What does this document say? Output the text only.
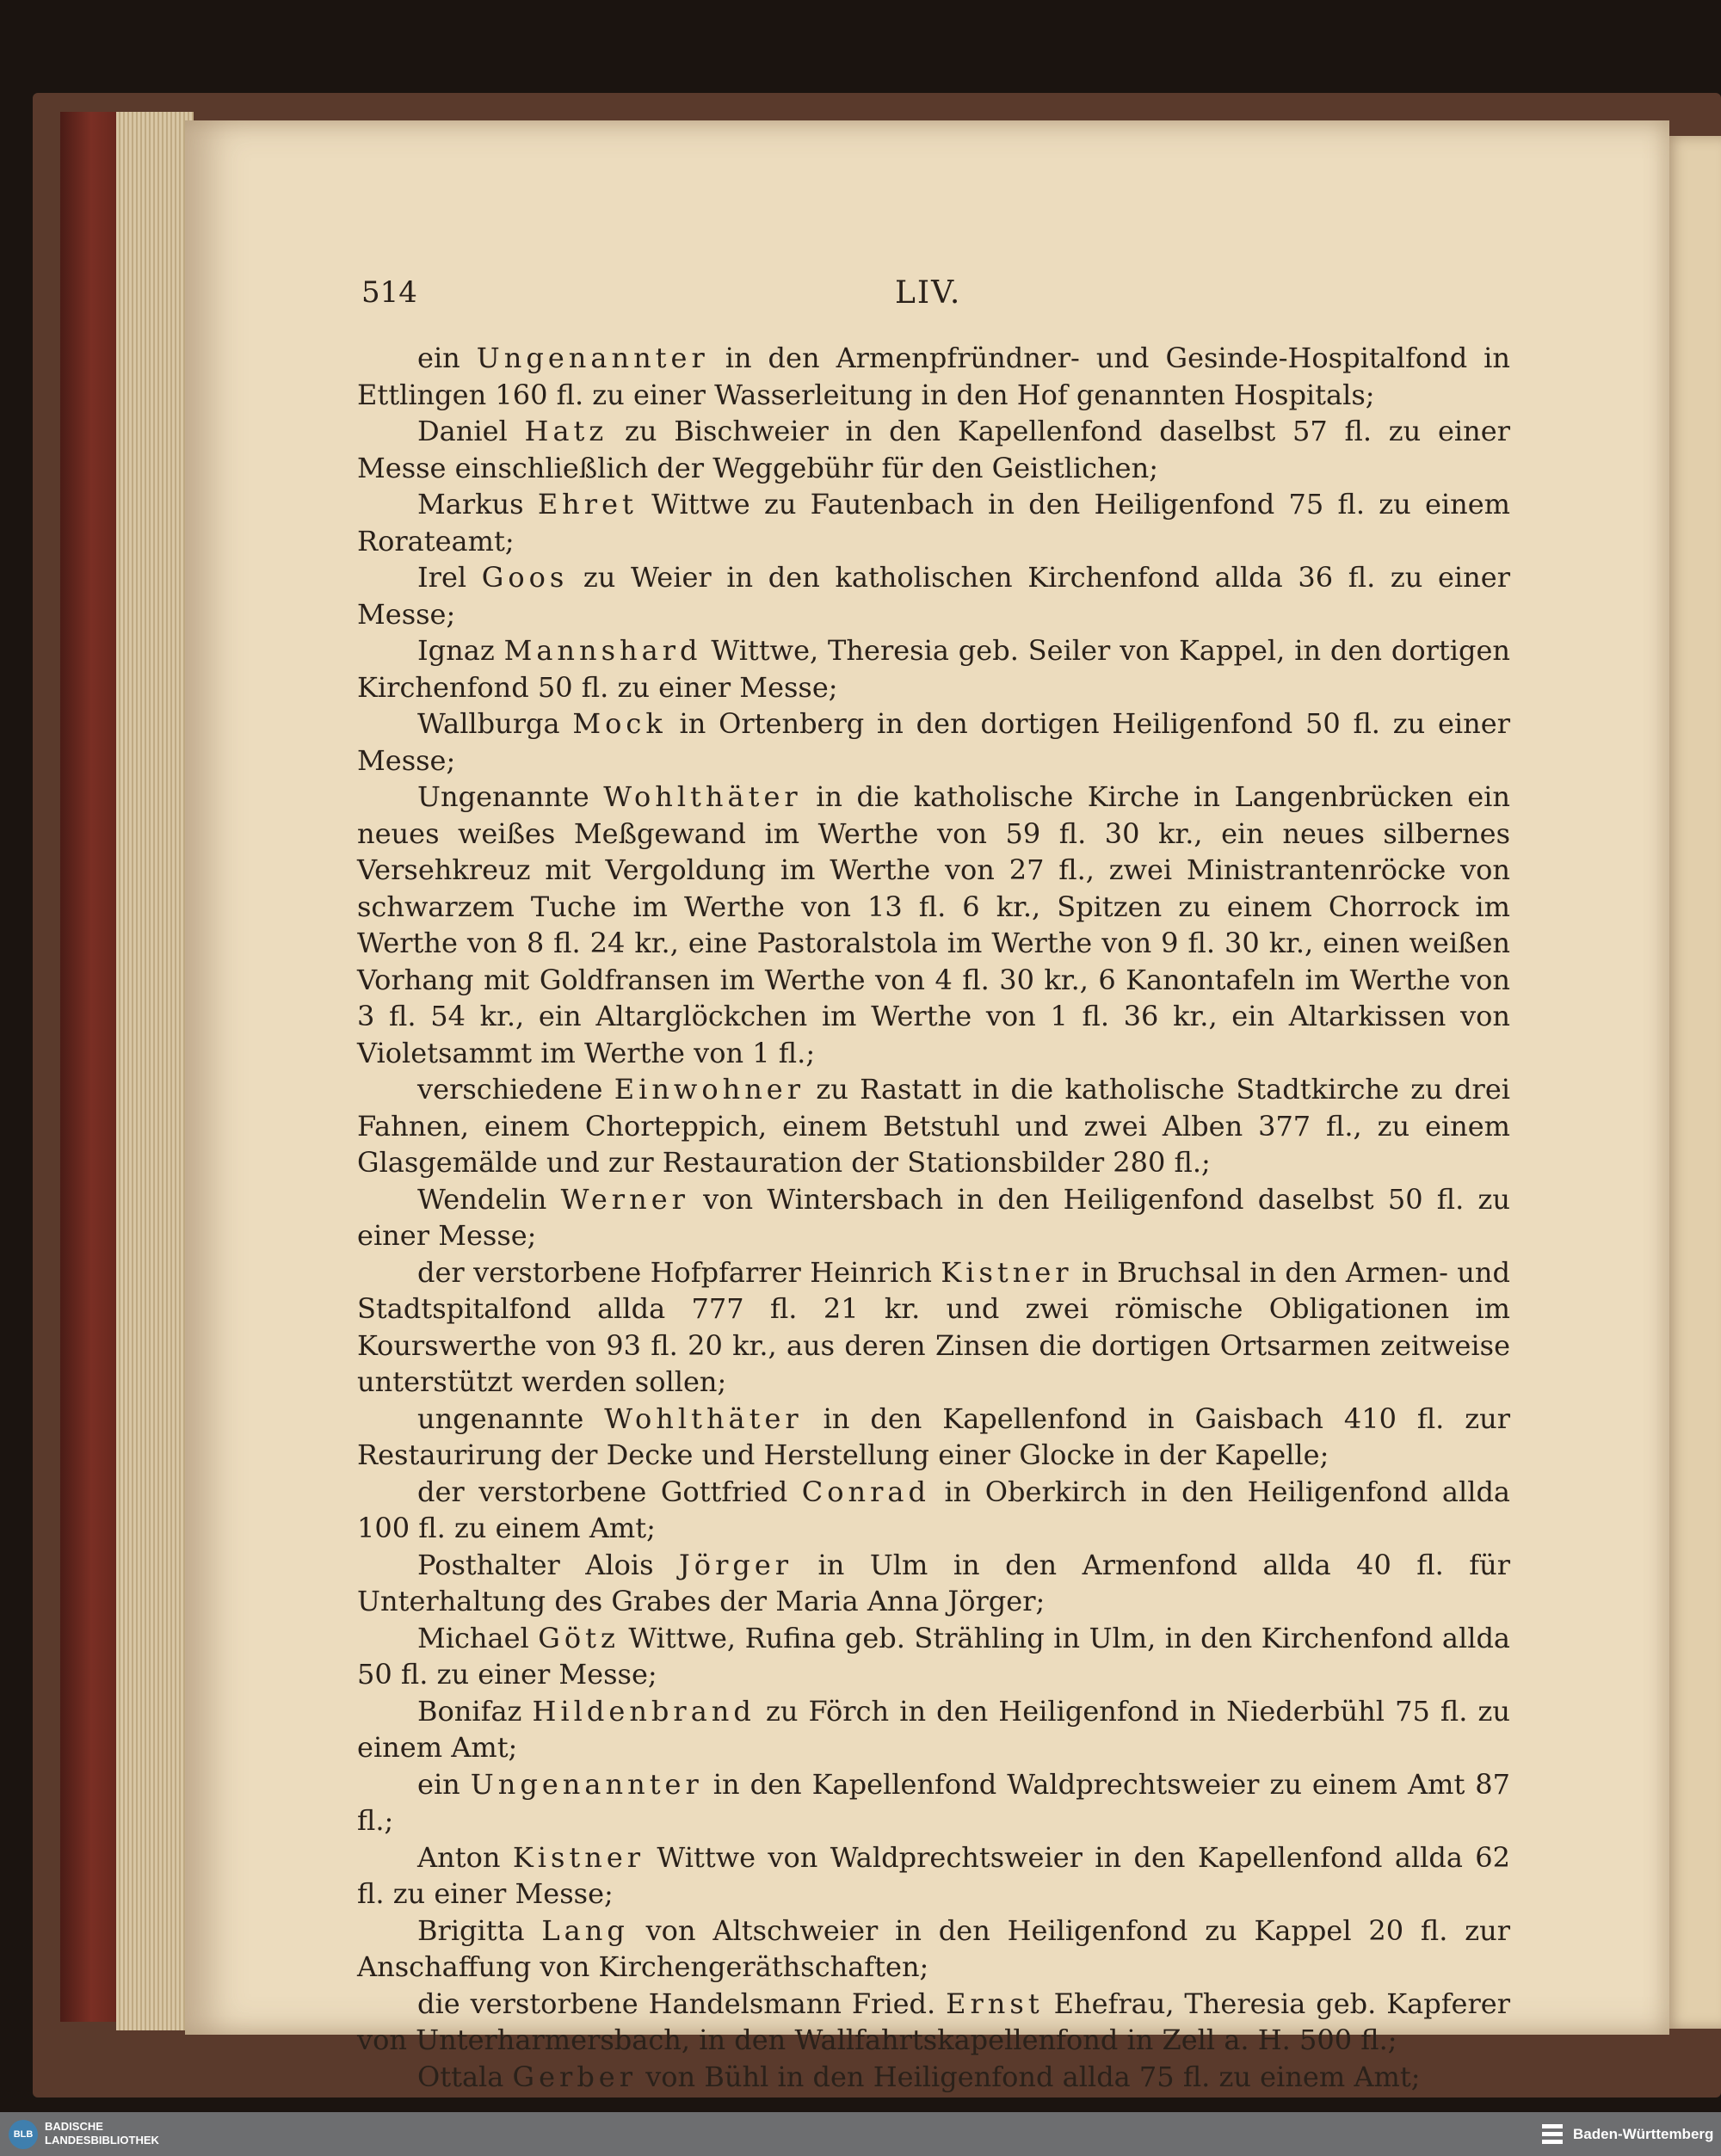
514	LIV.

ein Ungenannter in den Armenpfründner- und Gesinde-Hospitalfond in Ettlingen 160 fl. zu einer Wasserleitung in den Hof genannten Hospitals;

Daniel Hatz zu Bischweier in den Kapellenfond daselbst 57 fl. zu einer Messe einschließlich der Weggebühr für den Geistlichen;

Markus Ehret Wittwe zu Fautenbach in den Heiligenfond 75 fl. zu einem Rorateamt;

Irel Goos zu Weier in den katholischen Kirchenfond allda 36 fl. zu einer Messe;

Ignaz Mannshard Wittwe, Theresia geb. Seiler von Kappel, in den dortigen Kirchenfond 50 fl. zu einer Messe;

Wallburga Mock in Ortenberg in den dortigen Heiligenfond 50 fl. zu einer Messe;

Ungenannte Wohlthäter in die katholische Kirche in Langenbrücken ein neues weißes Meßgewand im Werthe von 59 fl. 30 kr., ein neues silbernes Versehkreuz mit Vergoldung im Werthe von 27 fl., zwei Ministrantenröcke von schwarzem Tuche im Werthe von 13 fl. 6 kr., Spitzen zu einem Chorrock im Werthe von 8 fl. 24 kr., eine Pastoralstola im Werthe von 9 fl. 30 kr., einen weißen Vorhang mit Goldfransen im Werthe von 4 fl. 30 kr., 6 Kanontafeln im Werthe von 3 fl. 54 kr., ein Altarglöckchen im Werthe von 1 fl. 36 kr., ein Altarkissen von Violetsammt im Werthe von 1 fl.;

verschiedene Einwohner zu Rastatt in die katholische Stadtkirche zu drei Fahnen, einem Chorteppich, einem Betstuhl und zwei Alben 377 fl., zu einem Glasgemälde und zur Restauration der Stationsbilder 280 fl.;

Wendelin Werner von Wintersbach in den Heiligenfond daselbst 50 fl. zu einer Messe;

der verstorbene Hofpfarrer Heinrich Kistner in Bruchsal in den Armen- und Stadtspitalfond allda 777 fl. 21 kr. und zwei römische Obligationen im Kourswerthe von 93 fl. 20 kr., aus deren Zinsen die dortigen Ortsarmen zeitweise unterstützt werden sollen;

ungenannte Wohlthäter in den Kapellenfond in Gaisbach 410 fl. zur Restaurirung der Decke und Herstellung einer Glocke in der Kapelle;

der verstorbene Gottfried Conrad in Oberkirch in den Heiligenfond allda 100 fl. zu einem Amt;

Posthalter Alois Jörger in Ulm in den Armenfond allda 40 fl. für Unterhaltung des Grabes der Maria Anna Jörger;

Michael Götz Wittwe, Rufina geb. Strähling in Ulm, in den Kirchenfond allda 50 fl. zu einer Messe;

Bonifaz Hildenbrand zu Förch in den Heiligenfond in Niederbühl 75 fl. zu einem Amt;

ein Ungenannter in den Kapellenfond Waldprechtsweier zu einem Amt 87 fl.;

Anton Kistner Wittwe von Waldprechtsweier in den Kapellenfond allda 62 fl. zu einer Messe;

Brigitta Lang von Altschweier in den Heiligenfond zu Kappel 20 fl. zur Anschaffung von Kirchengeräthschaften;

die verstorbene Handelsmann Fried. Ernst Ehefrau, Theresia geb. Kapferer von Unterharmersbach, in den Wallfahrtskapellenfond in Zell a. H. 500 fl.;

Ottala Gerber von Bühl in den Heiligenfond allda 75 fl. zu einem Amt;

BLB
BADISCHE
LANDESBIBLIOTHEK	Baden-Württemberg
